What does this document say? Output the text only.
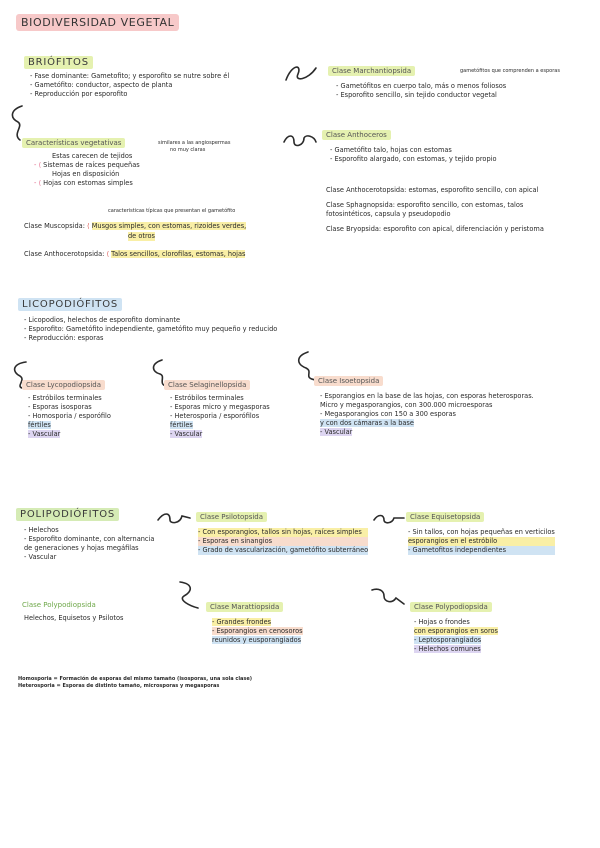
BIODIVERSIDAD VEGETAL
BRIÓFITOS
- Fase dominante: Gametofito; y esporofito se nutre sobre él
- Gametófito: conductor, aspecto de planta
- Reproducción por esporofito
Características vegetativas	similares a las angiospermas
no muy claras
Estas carecen de tejidos
- ⟨ Sistemas de raíces pequeñas
Hojas en disposición
- ⟨ Hojas con estomas simples
caracteristicas típicas que presentan el gametófito
Clase Muscopsida: ⟨ Musgos simples, con estomas, rizoides verdes,
de otros
Clase Anthocerotopsida: ⟨ Talos sencillos, clorofilas, estomas, hojas
Clase Marchantiopsida	gametófitos que comprenden a esporas
- Gametófitos en cuerpo talo, más o menos foliosos
- Esporofito sencillo, sin tejido conductor vegetal
Clase Anthoceros
- Gametófito talo, hojas con estomas
- Esporofito alargado, con estomas, y tejido propio
Clase Anthocerotopsida: estomas, esporofito sencillo, con apical
Clase Sphagnopsida: esporofito sencillo, con estomas, talos
fotosintéticos, capsula y pseudopodio
Clase Bryopsida: esporofito con apical, diferenciación y peristoma
LICOPODIÓFITOS
- Licopodios, helechos de esporofito dominante
- Esporofito: Gametófito independiente, gametófito muy pequeño y reducido
- Reproducción: esporas
Clase Lycopodiopsida
- Estróbilos terminales
- Esporas isosporas
- Homosporia / esporófilo
fértiles
- Vascular
Clase Selaginellopsida
- Estróbilos terminales
- Esporas micro y megasporas
- Heterosporia / esporófilos
fértiles
- Vascular
Clase Isoetopsida
- Esporangios en la base de las hojas, con esporas heterosporas.
Micro y megasporangios, con 300.000 microesporas
- Megasporangios con 150 a 300 esporas
y con dos cámaras a la base
- Vascular
POLIPODIÓFITOS
- Helechos
- Esporofito dominante, con alternancia
de generaciones y hojas megáfilas
- Vascular
Clase Psilotopsida
- Con esporangios, tallos sin hojas, raíces simples
- Esporas en sinangios
- Grado de vascularización, gametófito subterráneo
Clase Equisetopsida
- Sin tallos, con hojas pequeñas en verticilos
esporangios en el estróbilo
- Gametofitos independientes
Clase Polypodiopsida
Helechos, Equisetos y Psilotos
Clase Marattiopsida
- Grandes frondes
- Esporangios en cenosoros
reunidos y eusporangiados
Clase Polypodiopsida
- Hojas o frondes
con esporangios en soros
- Leptosporangiados
- Helechos comunes
Homosporia = Formación de esporas del mismo tamaño (isosporas, una sola clase)
Heterosporia = Esporas de distinto tamaño, microsporas y megasporas
